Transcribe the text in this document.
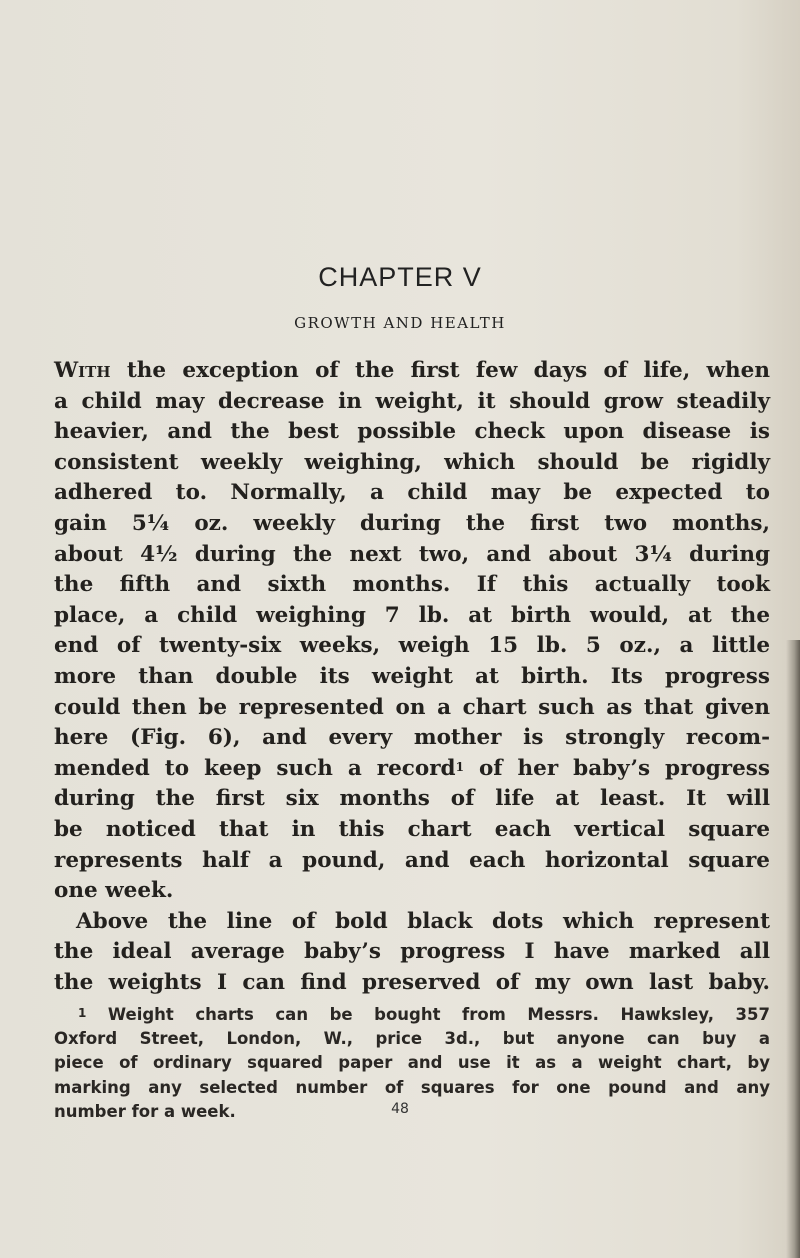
CHAPTER V
GROWTH AND HEALTH
With the exception of the first few days of life, when
a child may decrease in weight, it should grow steadily
heavier, and the best possible check upon disease is
consistent weekly weighing, which should be rigidly
adhered to. Normally, a child may be expected to
gain 5¼ oz. weekly during the first two months,
about 4½ during the next two, and about 3¼ during
the fifth and sixth months. If this actually took
place, a child weighing 7 lb. at birth would, at the
end of twenty-six weeks, weigh 15 lb. 5 oz., a little
more than double its weight at birth. Its progress
could then be represented on a chart such as that given
here (Fig. 6), and every mother is strongly recom-
mended to keep such a record$^1$ of her baby’s progress
during the first six months of life at least. It will
be noticed that in this chart each vertical square
represents half a pound, and each horizontal square
one week.
Above the line of bold black dots which represent
the ideal average baby’s progress I have marked all
the weights I can find preserved of my own last baby.
$^1$ Weight charts can be bought from Messrs. Hawksley, 357
Oxford Street, London, W., price 3d., but anyone can buy a
piece of ordinary squared paper and use it as a weight chart, by
marking any selected number of squares for one pound and any
number for a week.	48
